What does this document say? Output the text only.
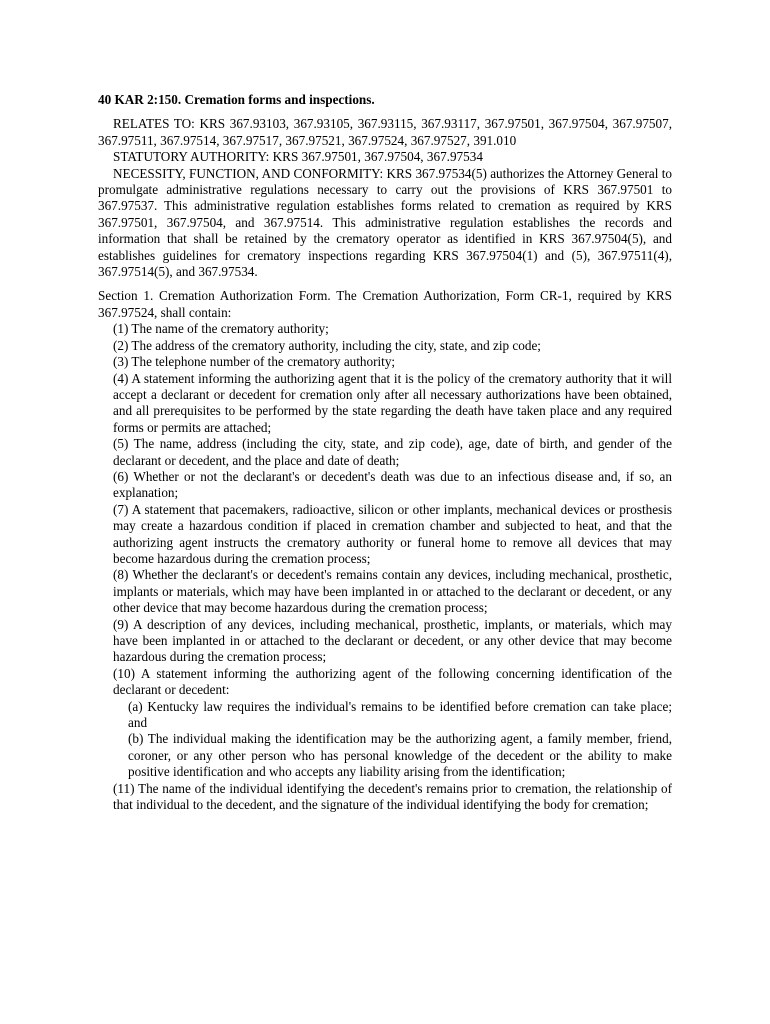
40 KAR 2:150. Cremation forms and inspections.

RELATES TO: KRS 367.93103, 367.93105, 367.93115, 367.93117, 367.97501, 367.97504, 367.97507, 367.97511, 367.97514, 367.97517, 367.97521, 367.97524, 367.97527, 391.010

STATUTORY AUTHORITY: KRS 367.97501, 367.97504, 367.97534

NECESSITY, FUNCTION, AND CONFORMITY: KRS 367.97534(5) authorizes the Attorney General to promulgate administrative regulations necessary to carry out the provisions of KRS 367.97501 to 367.97537. This administrative regulation establishes forms related to cremation as required by KRS 367.97501, 367.97504, and 367.97514. This administrative regulation establishes the records and information that shall be retained by the crematory operator as identified in KRS 367.97504(5), and establishes guidelines for crematory inspections regarding KRS 367.97504(1) and (5), 367.97511(4), 367.97514(5), and 367.97534.

Section 1. Cremation Authorization Form. The Cremation Authorization, Form CR-1, required by KRS 367.97524, shall contain:

(1) The name of the crematory authority;

(2) The address of the crematory authority, including the city, state, and zip code;

(3) The telephone number of the crematory authority;

(4) A statement informing the authorizing agent that it is the policy of the crematory authority that it will accept a declarant or decedent for cremation only after all necessary authorizations have been obtained, and all prerequisites to be performed by the state regarding the death have taken place and any required forms or permits are attached;

(5) The name, address (including the city, state, and zip code), age, date of birth, and gender of the declarant or decedent, and the place and date of death;

(6) Whether or not the declarant's or decedent's death was due to an infectious disease and, if so, an explanation;

(7) A statement that pacemakers, radioactive, silicon or other implants, mechanical devices or prosthesis may create a hazardous condition if placed in cremation chamber and subjected to heat, and that the authorizing agent instructs the crematory authority or funeral home to remove all devices that may become hazardous during the cremation process;

(8) Whether the declarant's or decedent's remains contain any devices, including mechanical, prosthetic, implants or materials, which may have been implanted in or attached to the declarant or decedent, or any other device that may become hazardous during the cremation process;

(9) A description of any devices, including mechanical, prosthetic, implants, or materials, which may have been implanted in or attached to the declarant or decedent, or any other device that may become hazardous during the cremation process;

(10) A statement informing the authorizing agent of the following concerning identification of the declarant or decedent:

(a) Kentucky law requires the individual's remains to be identified before cremation can take place; and

(b) The individual making the identification may be the authorizing agent, a family member, friend, coroner, or any other person who has personal knowledge of the decedent or the ability to make positive identification and who accepts any liability arising from the identification;

(11) The name of the individual identifying the decedent's remains prior to cremation, the relationship of that individual to the decedent, and the signature of the individual identifying the body for cremation;
